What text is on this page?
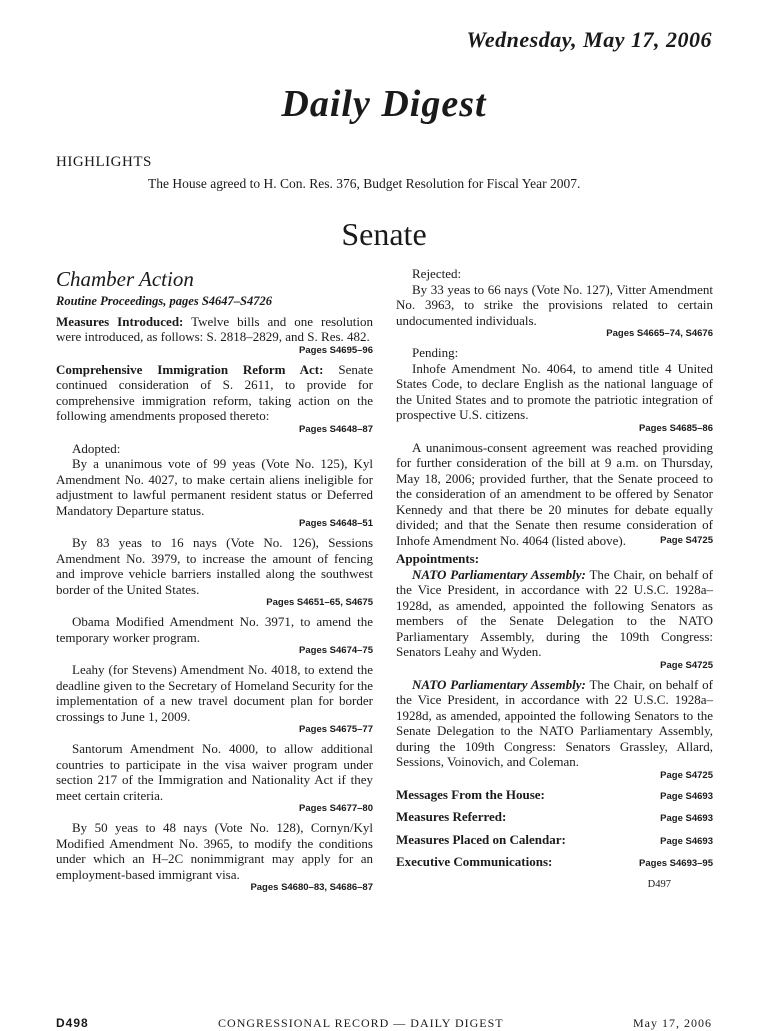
Wednesday, May 17, 2006
Daily Digest
HIGHLIGHTS
The House agreed to H. Con. Res. 376, Budget Resolution for Fiscal Year 2007.
Senate
Chamber Action
Routine Proceedings, pages S4647–S4726

Measures Introduced: Twelve bills and one resolution were introduced, as follows: S. 2818–2829, and S. Res. 482.

Pages S4695–96

Comprehensive Immigration Reform Act: Senate continued consideration of S. 2611, to provide for comprehensive immigration reform, taking action on the following amendments proposed thereto:

Pages S4648–87

Adopted:

By a unanimous vote of 99 yeas (Vote No. 125), Kyl Amendment No. 4027, to make certain aliens ineligible for adjustment to lawful permanent resident status or Deferred Mandatory Departure status.

Pages S4648–51

By 83 yeas to 16 nays (Vote No. 126), Sessions Amendment No. 3979, to increase the amount of fencing and improve vehicle barriers installed along the southwest border of the United States.

Pages S4651–65, S4675

Obama Modified Amendment No. 3971, to amend the temporary worker program.

Pages S4674–75

Leahy (for Stevens) Amendment No. 4018, to extend the deadline given to the Secretary of Homeland Security for the implementation of a new travel document plan for border crossings to June 1, 2009.

Pages S4675–77

Santorum Amendment No. 4000, to allow additional countries to participate in the visa waiver program under section 217 of the Immigration and Nationality Act if they meet certain criteria.

Pages S4677–80

By 50 yeas to 48 nays (Vote No. 128), Cornyn/Kyl Modified Amendment No. 3965, to modify the conditions under which an H–2C nonimmigrant may apply for an employment-based immigrant visa.

Pages S4680–83, S4686–87

Rejected:

By 33 yeas to 66 nays (Vote No. 127), Vitter Amendment No. 3963, to strike the provisions related to certain undocumented individuals.

Pages S4665–74, S4676

Pending:

Inhofe Amendment No. 4064, to amend title 4 United States Code, to declare English as the national language of the United States and to promote the patriotic integration of prospective U.S. citizens.

Pages S4685–86

A unanimous-consent agreement was reached providing for further consideration of the bill at 9 a.m. on Thursday, May 18, 2006; provided further, that the Senate proceed to the consideration of an amendment to be offered by Senator Kennedy and that there be 20 minutes for debate equally divided; and that the Senate then resume consideration of Inhofe Amendment No. 4064 (listed above).	Page S4725

Appointments:

NATO Parliamentary Assembly: The Chair, on behalf of the Vice President, in accordance with 22 U.S.C. 1928a–1928d, as amended, appointed the following Senators as members of the Senate Delegation to the NATO Parliamentary Assembly, during the 109th Congress: Senators Leahy and Wyden.

Page S4725

NATO Parliamentary Assembly: The Chair, on behalf of the Vice President, in accordance with 22 U.S.C. 1928a–1928d, as amended, appointed the following Senators to the Senate Delegation to the NATO Parliamentary Assembly, during the 109th Congress: Senators Grassley, Allard, Sessions, Voinovich, and Coleman.

Page S4725
Messages From the House:	Page S4693
Measures Referred:	Page S4693
Measures Placed on Calendar:	Page S4693
Executive Communications:	Pages S4693–95
D497
D498	CONGRESSIONAL RECORD — DAILY DIGEST	May 17, 2006
